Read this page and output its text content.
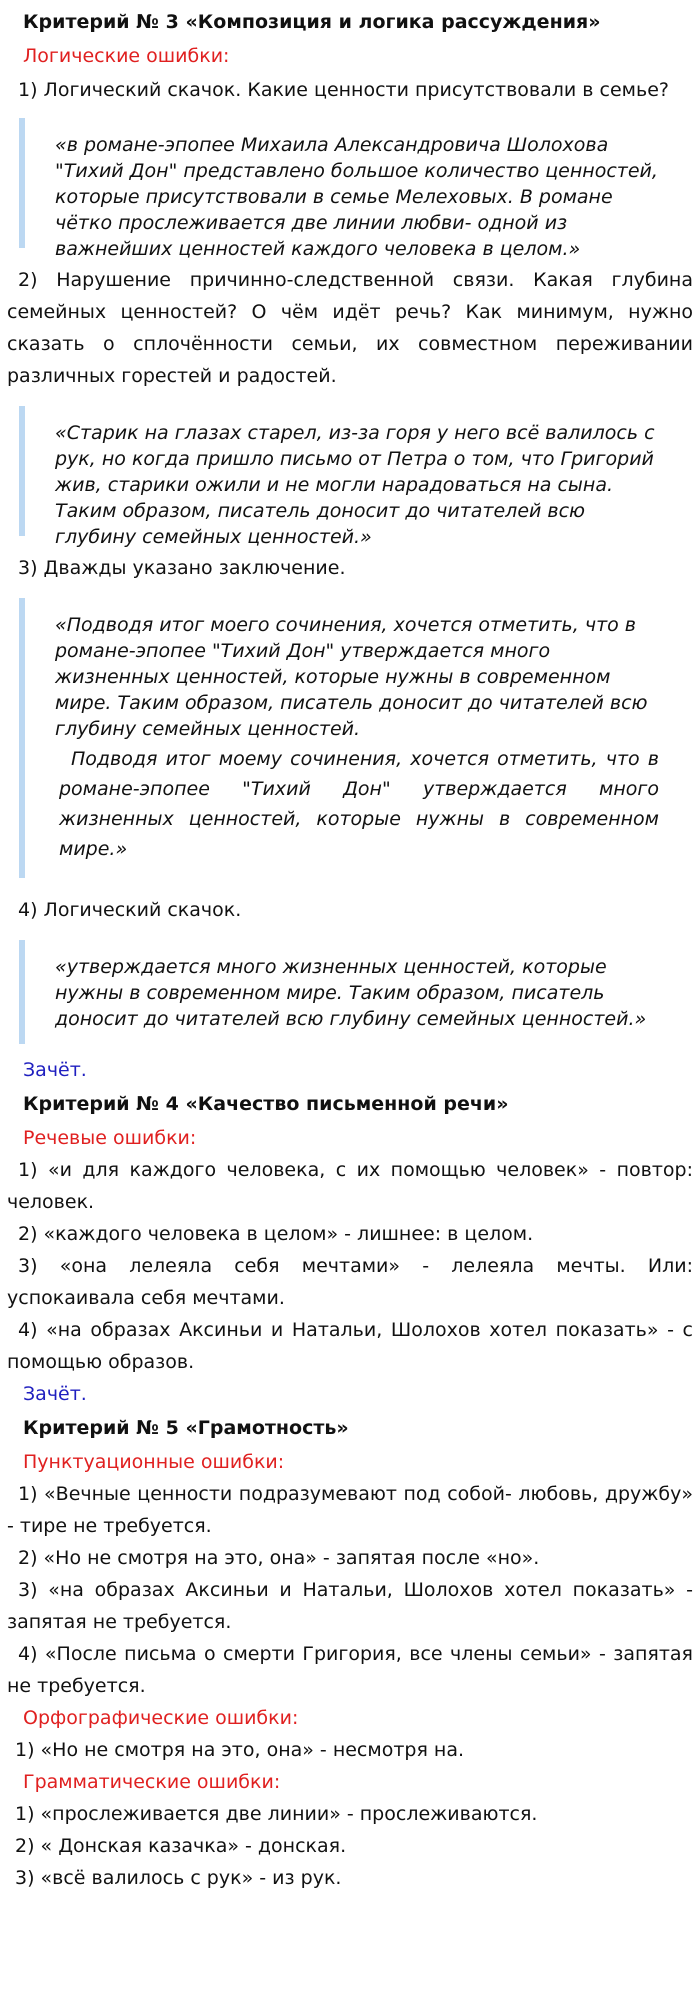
Критерий № 3 «Композиция и логика рассуждения»
Логические ошибки:

1) Логический скачок. Какие ценности присутствовали в семье?

«в романе-эпопее Михаила Александровича Шолохова "Тихий Дон" представлено большое количество ценностей, которые присутствовали в семье Мелеховых. В романе чётко прослеживается две линии любви- одной из важнейших ценностей каждого человека в целом.»

2) Нарушение причинно-следственной связи. Какая глубина семейных ценностей? О чём идёт речь? Как минимум, нужно сказать о сплочённости семьи, их совместном переживании различных горестей и радостей.

«Старик на глазах старел, из-за горя у него всё валилось с рук, но когда пришло письмо от Петра о том, что Григорий жив, старики ожили и не могли нарадоваться на сына. Таким образом, писатель доносит до читателей всю глубину семейных ценностей.»

3) Дважды указано заключение.

«Подводя итог моего сочинения, хочется отметить, что в романе-эпопее "Тихий Дон" утверждается много жизненных ценностей, которые нужны в современном мире. Таким образом, писатель доносит до читателей всю глубину семейных ценностей.
Подводя итог моему сочинения, хочется отметить, что в романе-эпопее "Тихий Дон" утверждается много жизненных ценностей, которые нужны в современном мире.»

4) Логический скачок.

«утверждается много жизненных ценностей, которые нужны в современном мире. Таким образом, писатель доносит до читателей всю глубину семейных ценностей.»
Зачёт.
Критерий № 4 «Качество письменной речи»
Речевые ошибки:

1) «и для каждого человека, с их помощью человек» - повтор: человек.

2) «каждого человека в целом» - лишнее: в целом.

3) «она лелеяла себя мечтами» - лелеяла мечты. Или: успокаивала себя мечтами.

4) «на образах Аксиньи и Натальи, Шолохов хотел показать» - с помощью образов.

Зачёт.
Критерий № 5 «Грамотность»
Пунктуационные ошибки:

1) «Вечные ценности подразумевают под собой- любовь, дружбу» - тире не требуется.

2) «Но не смотря на это, она» - запятая после «но».

3) «на образах Аксиньи и Натальи, Шолохов хотел показать» - запятая не требуется.

4) «После письма о смерти Григория, все члены семьи» - запятая не требуется.

Орфографические ошибки:

1) «Но не смотря на это, она» - несмотря на.

Грамматические ошибки:

1) «прослеживается две линии» - прослеживаются.

2) « Донская казачка» - донская.

3) «всё валилось с рук» - из рук.
